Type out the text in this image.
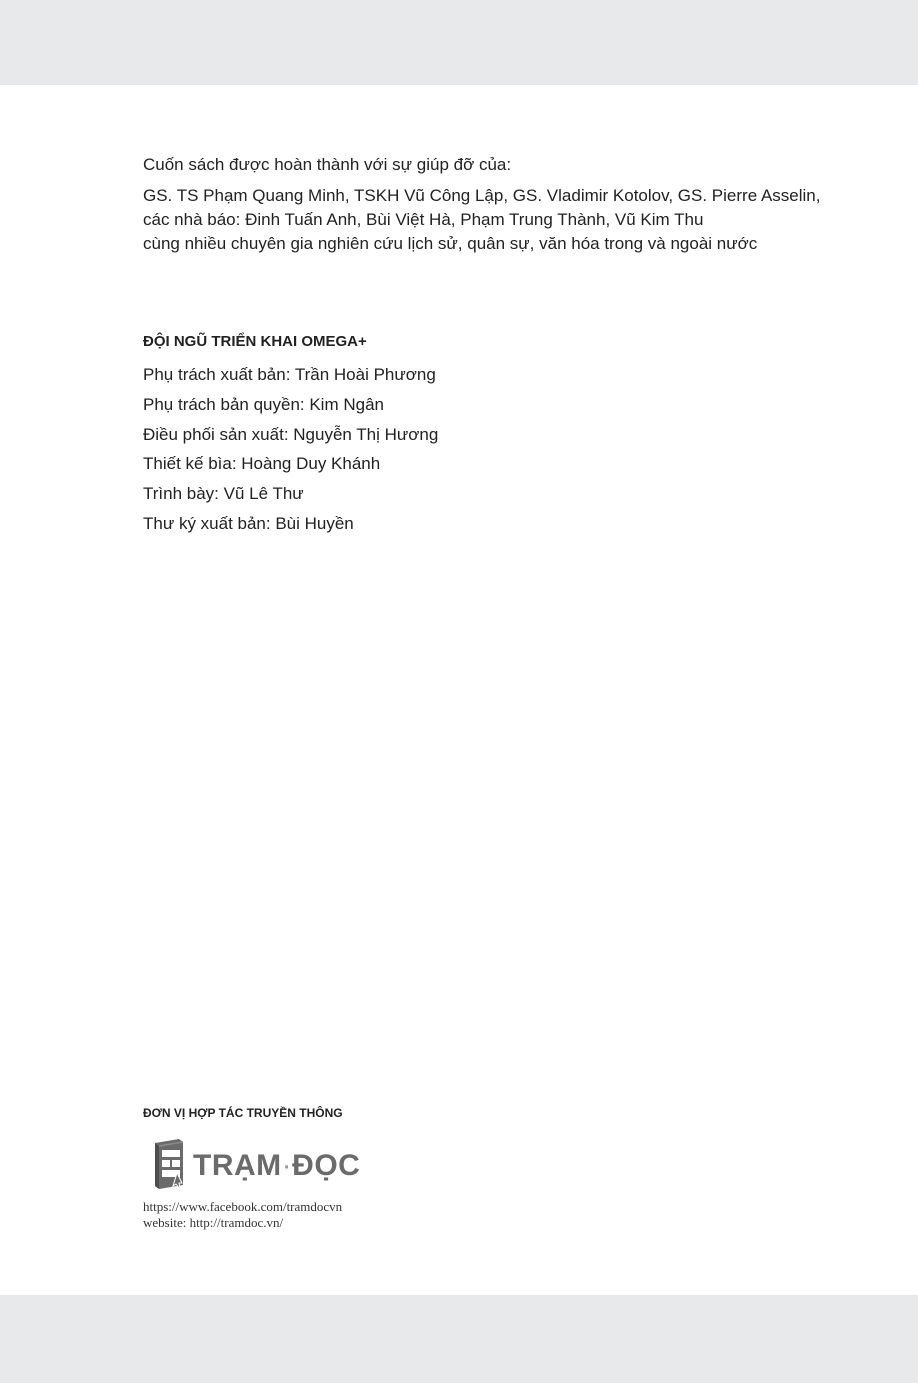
Cuốn sách được hoàn thành với sự giúp đỡ của:
GS. TS Phạm Quang Minh, TSKH Vũ Công Lập, GS. Vladimir Kotolov, GS. Pierre Asselin,
các nhà báo: Đinh Tuấn Anh, Bùi Việt Hà, Phạm Trung Thành, Vũ Kim Thu
cùng nhiều chuyên gia nghiên cứu lịch sử, quân sự, văn hóa trong và ngoài nước
ĐỘI NGŨ TRIỂN KHAI OMEGA+
Phụ trách xuất bản: Trần Hoài Phương
Phụ trách bản quyền: Kim Ngân
Điều phối sản xuất: Nguyễn Thị Hương
Thiết kế bìa: Hoàng Duy Khánh
Trình bày: Vũ Lê Thư
Thư ký xuất bản: Bùi Huyền
ĐƠN VỊ HỢP TÁC TRUYỀN THÔNG
TRẠM·ĐỌC
https://www.facebook.com/tramdocvn
website: http://tramdoc.vn/
